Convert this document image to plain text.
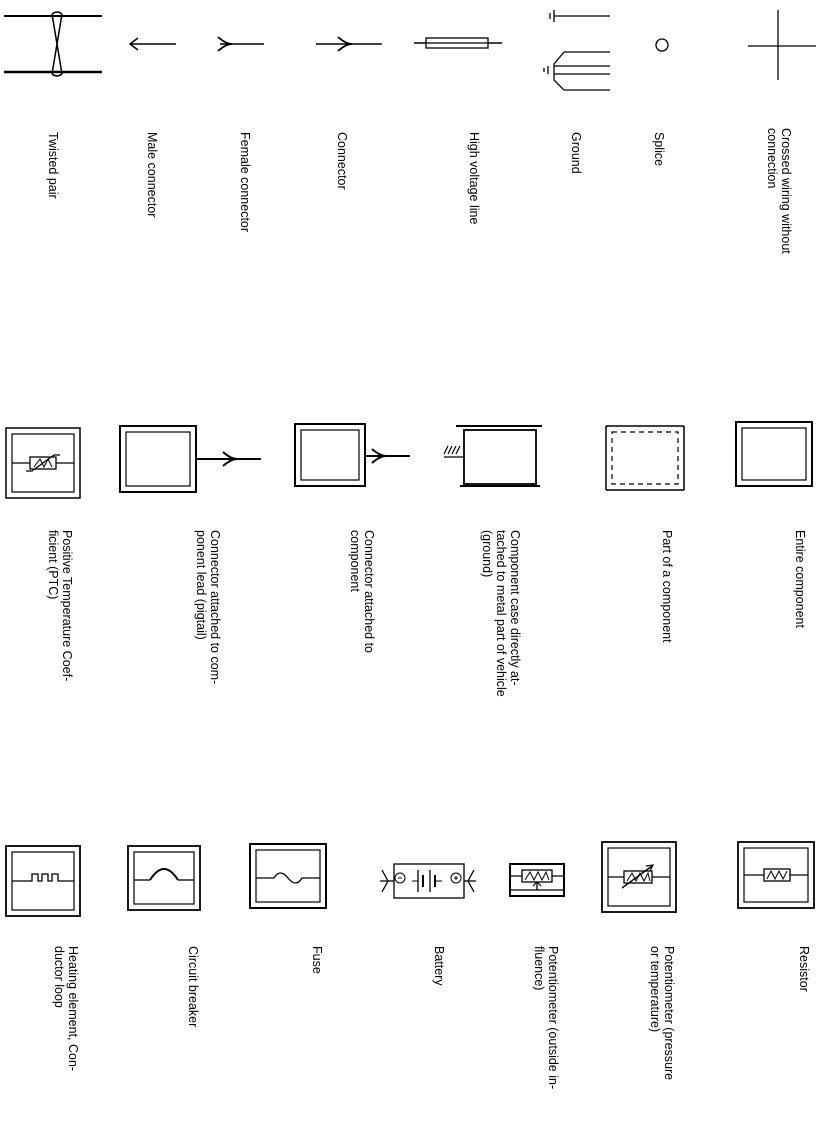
Twisted pair	Male connector	Female connector	Connector	High voltage line	Ground	Splice	Crossed wiring without
connection
Positive Temperature Coef-
ficient (PTC)	Connector attached to com-
ponent lead (pigtail)
Connector attached to
component	Component case directly at-
tached to metal part of vehicle
(ground)	Part of a component	Entire component
Heating element, Con-
ductor loop	Circuit breaker	Fuse	Battery	Potentiometer (outside in-
fluence)	Potentiometer (pressure
or temperature)	Resistor
